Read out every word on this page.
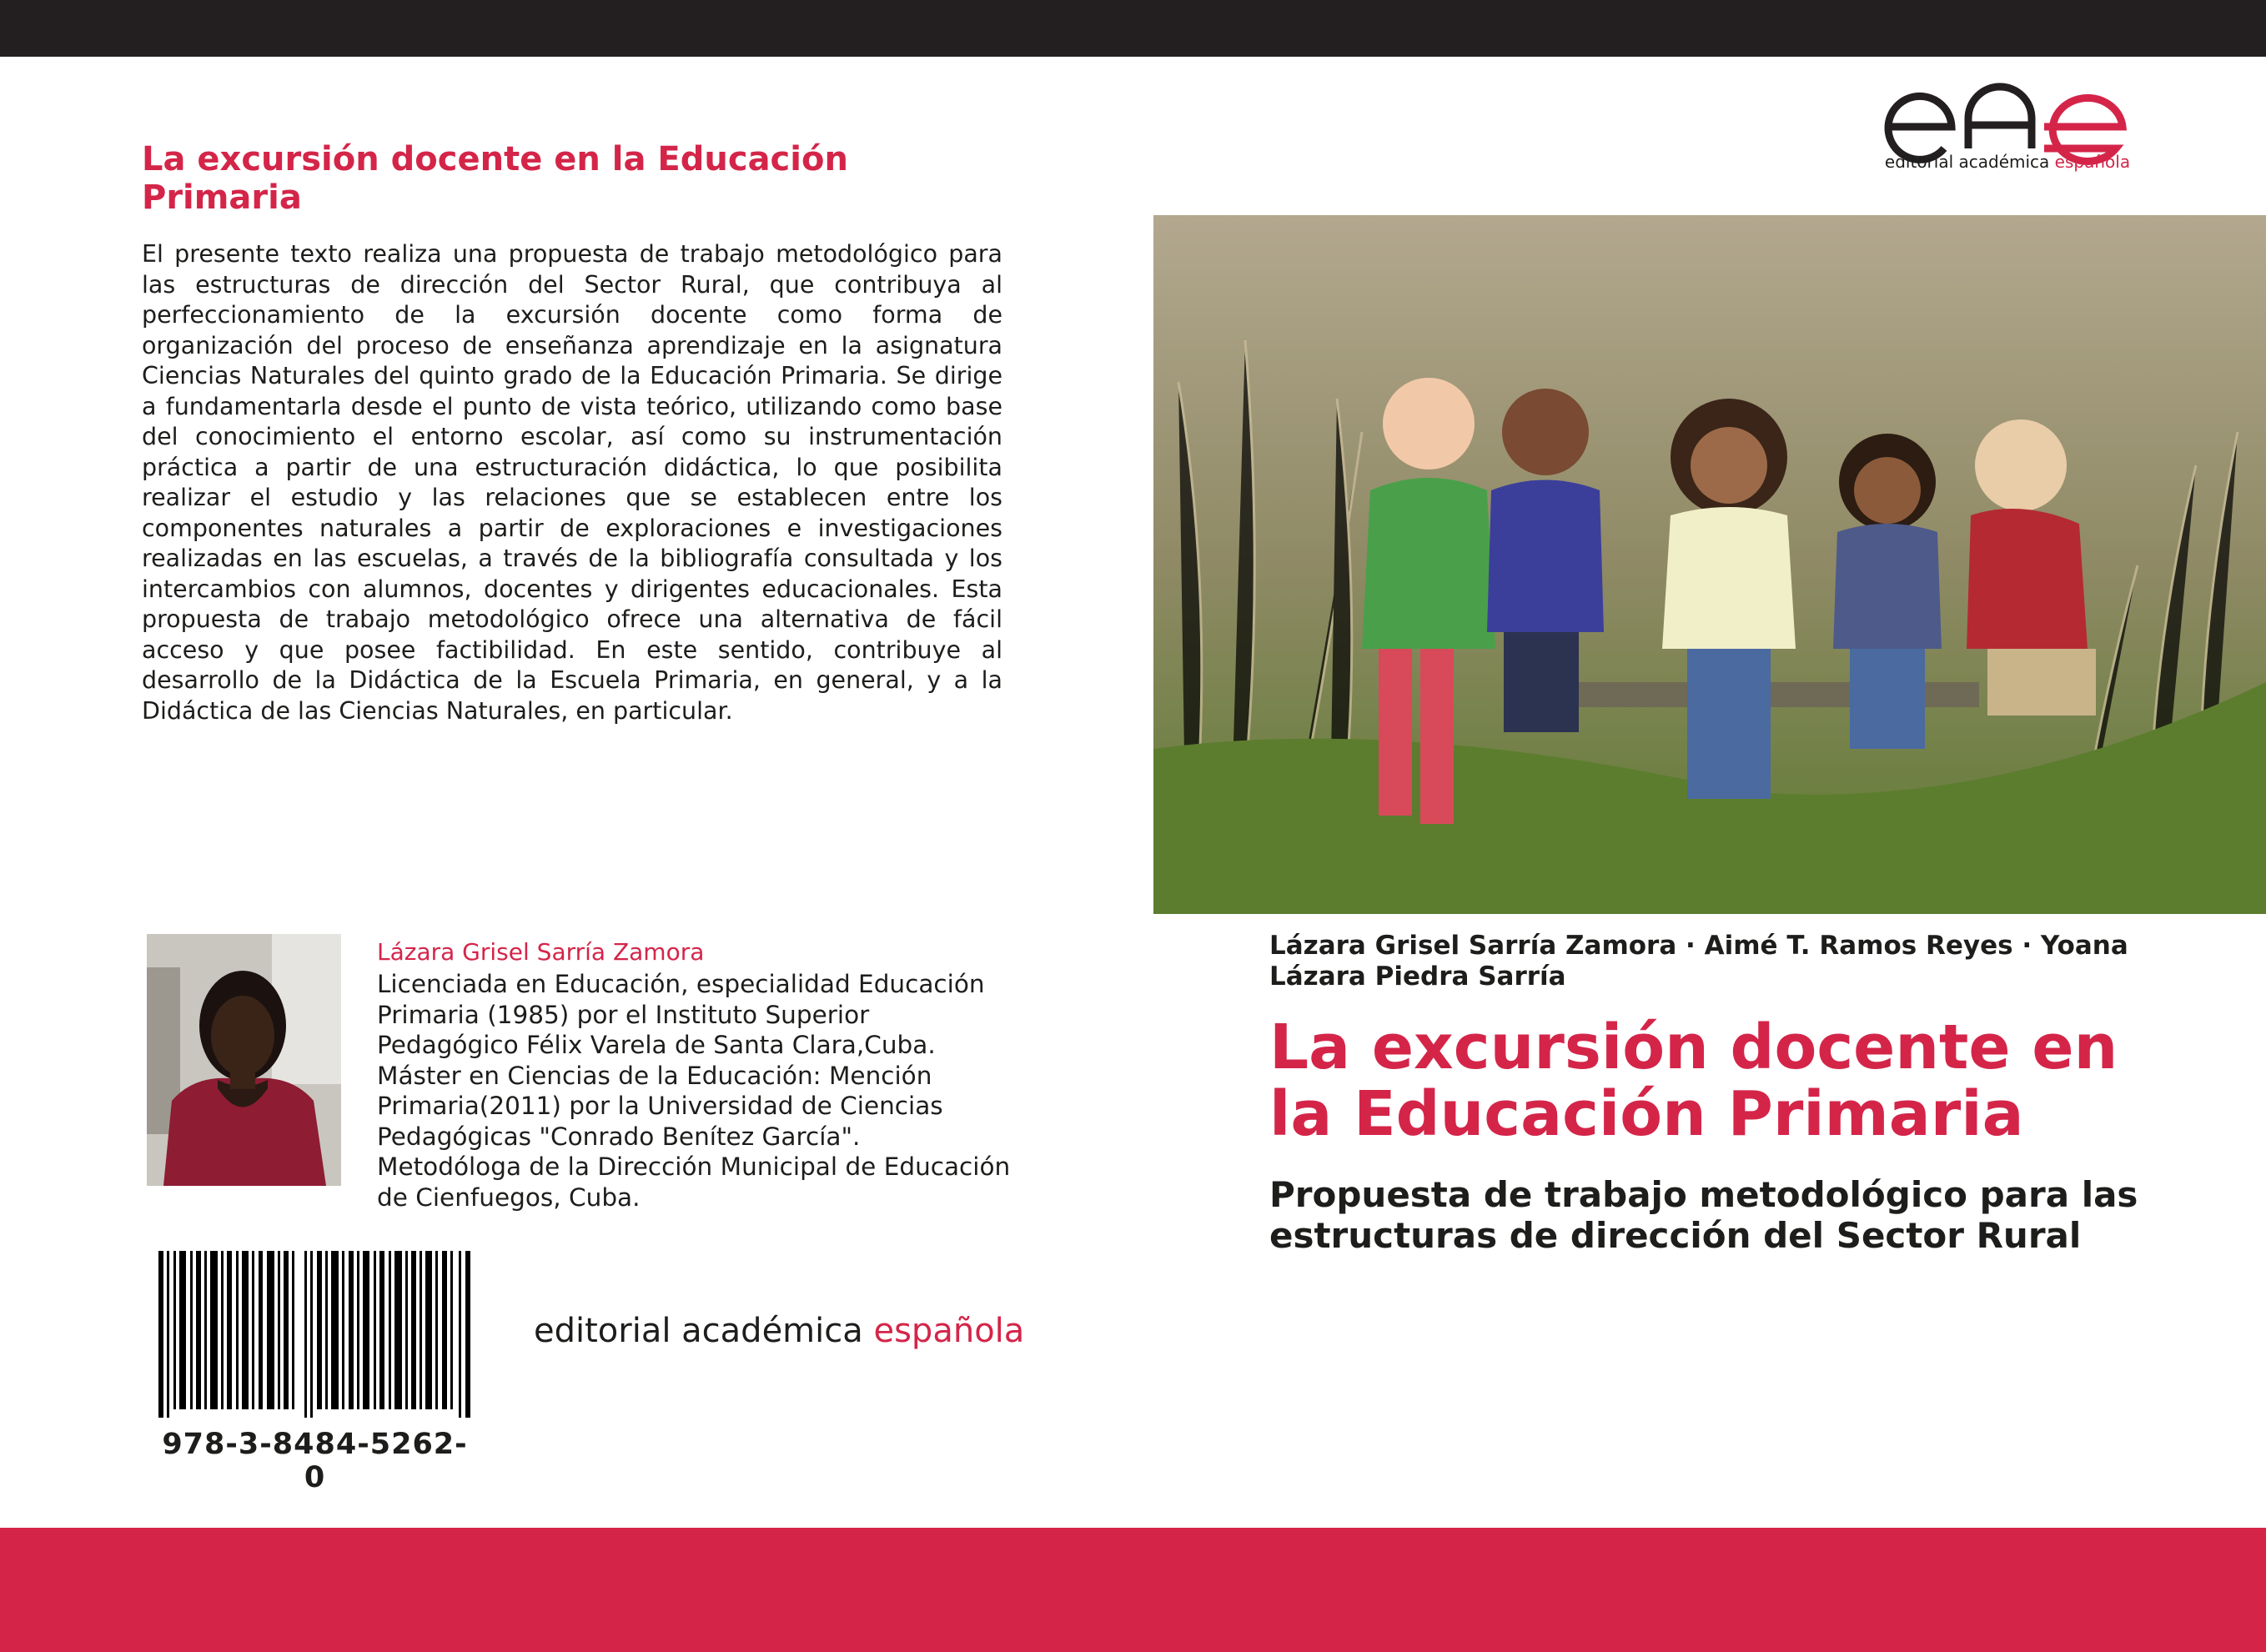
La excursión docente en la Educación Primaria

El presente texto realiza una propuesta de trabajo metodológico para las estructuras de dirección del Sector Rural, que contribuya al perfeccionamiento de la excursión docente como forma de organización del proceso de enseñanza aprendizaje en la asignatura Ciencias Naturales del quinto grado de la Educación Primaria. Se dirige a fundamentarla desde el punto de vista teórico, utilizando como base del conocimiento el entorno escolar, así como su instrumentación práctica a partir de una estructuración didáctica, lo que posibilita realizar el estudio y las relaciones que se establecen entre los componentes naturales a partir de exploraciones e investigaciones realizadas en las escuelas, a través de la bibliografía consultada y los intercambios con alumnos, docentes y dirigentes educacionales. Esta propuesta de trabajo metodológico ofrece una alternativa de fácil acceso y que posee factibilidad. En este sentido, contribuye al desarrollo de la Didáctica de la Escuela Primaria, en general, y a la Didáctica de las Ciencias Naturales, en particular.

Lázara Grisel Sarría Zamora

Licenciada en Educación, especialidad Educación Primaria (1985) por el Instituto Superior Pedagógico Félix Varela de Santa Clara,Cuba. Máster en Ciencias de la Educación: Mención Primaria(2011) por la Universidad de Ciencias Pedagógicas "Conrado Benítez García". Metodóloga de la Dirección Municipal de Educación de Cienfuegos, Cuba.

978-3-8484-5262-0

editorial académica española

editorial académica española

Lázara Grisel Sarría Zamora · Aimé T. Ramos Reyes · Yoana Lázara Piedra Sarría

La excursión docente en la Educación Primaria

Propuesta de trabajo metodológico para las estructuras de dirección del Sector Rural
